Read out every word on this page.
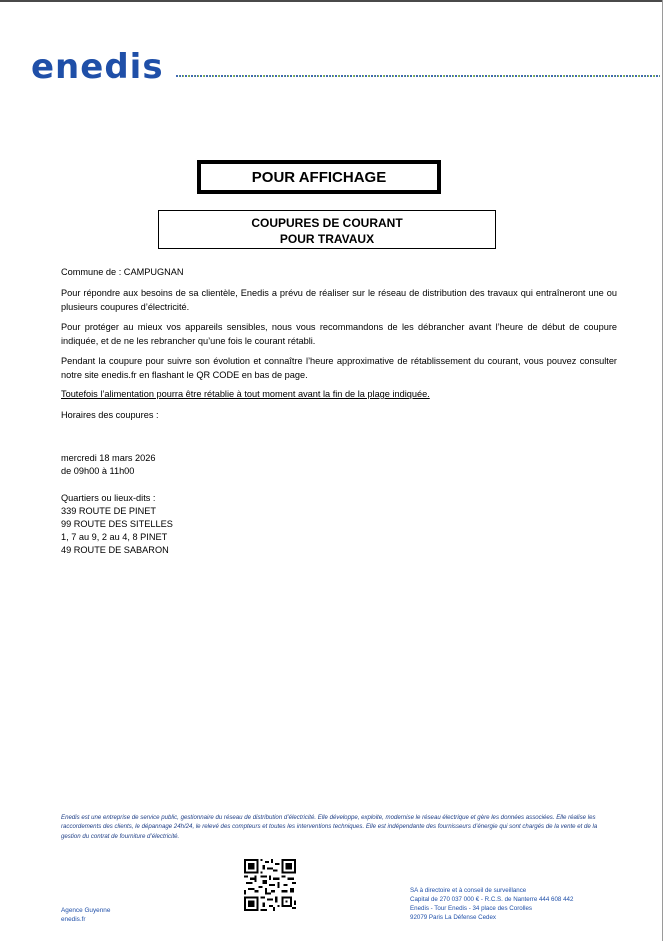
enedis
POUR AFFICHAGE
COUPURES DE COURANT
POUR TRAVAUX
Commune de : CAMPUGNAN
Pour répondre aux besoins de sa clientèle, Enedis a prévu de réaliser sur le réseau de distribution des travaux qui entraîneront une ou plusieurs coupures d’électricité.
Pour protéger au mieux vos appareils sensibles, nous vous recommandons de les débrancher avant l’heure de début de coupure indiquée, et de ne les rebrancher qu’une fois le courant rétabli.
Pendant la coupure pour suivre son évolution et connaître l’heure approximative de rétablissement du courant, vous pouvez consulter notre site enedis.fr en flashant le QR CODE en bas de page.
Toutefois l’alimentation pourra être rétablie à tout moment avant la fin de la plage indiquée.
Horaires des coupures :
mercredi 18 mars 2026
de 09h00 à 11h00
Quartiers ou lieux-dits :
339 ROUTE DE PINET
99 ROUTE DES SITELLES
1, 7 au 9, 2 au 4, 8 PINET
49 ROUTE DE SABARON
Enedis est une entreprise de service public, gestionnaire du réseau de distribution d’électricité. Elle développe, exploite, modernise le réseau électrique et gère les données associées. Elle réalise les raccordements des clients, le dépannage 24h/24, le relevé des compteurs et toutes les interventions techniques. Elle est indépendante des fournisseurs d’énergie qui sont chargés de la vente et de la gestion du contrat de fourniture d’électricité.
Agence Guyenne
enedis.fr
SA à directoire et à conseil de surveillance
Capital de 270 037 000 € - R.C.S. de Nanterre 444 608 442
Enedis - Tour Enedis - 34 place des Corolles
92079 Paris La Défense Cedex
